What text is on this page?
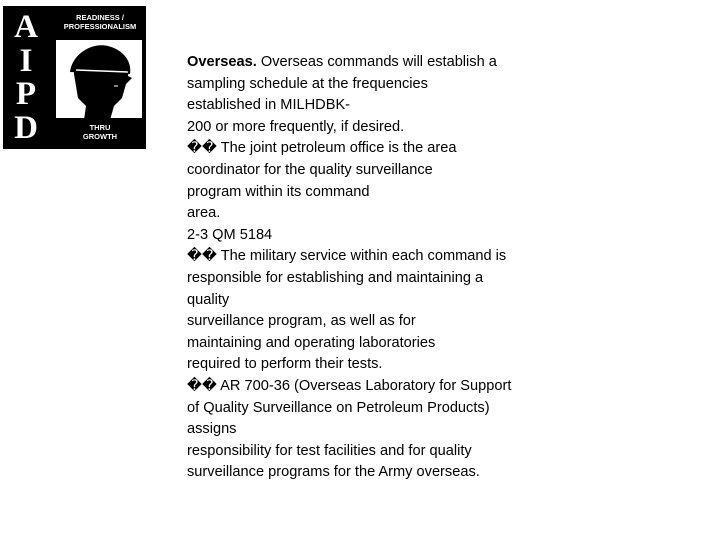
A
I
P
D
READINESS /
PROFESSIONALISM
THRU
GROWTH
Overseas. Overseas commands will establish a
sampling schedule at the frequencies
established in MILHDBK-
200 or more frequently, if desired.
�� The joint petroleum office is the area
coordinator for the quality surveillance
program within its command
area.
2-3 QM 5184
�� The military service within each command is
responsible for establishing and maintaining a
quality
surveillance program, as well as for
maintaining and operating laboratories
required to perform their tests.
�� AR 700-36 (Overseas Laboratory for Support
of Quality Surveillance on Petroleum Products)
assigns
responsibility for test facilities and for quality
surveillance programs for the Army overseas.
